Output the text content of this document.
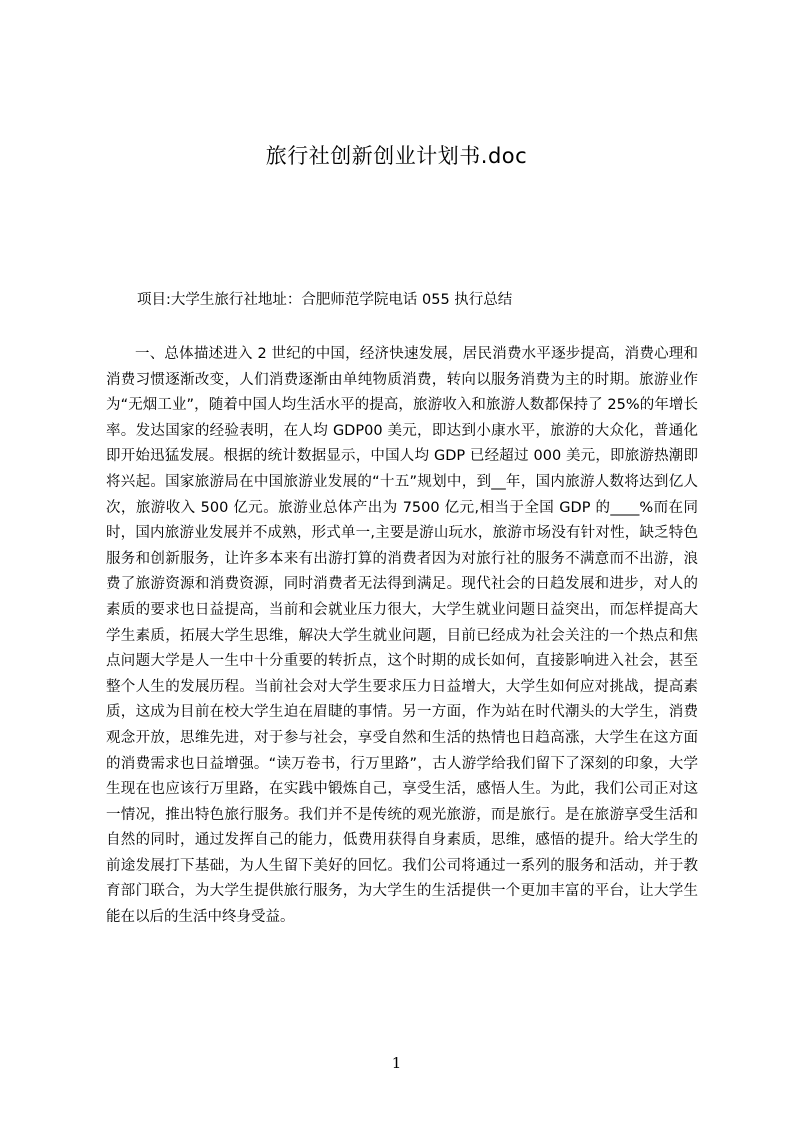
旅行社创新创业计划书.doc
项目:大学生旅行社地址：合肥师范学院电话 055 执行总结
一、总体描述进入 2 世纪的中国，经济快速发展，居民消费水平逐步提高，消费心理和消费习惯逐渐改变，人们消费逐渐由单纯物质消费，转向以服务消费为主的时期。旅游业作为“无烟工业”，随着中国人均生活水平的提高，旅游收入和旅游人数都保持了 25%的年增长率。发达国家的经验表明，在人均 GDP00 美元，即达到小康水平，旅游的大众化，普通化即开始迅猛发展。根据的统计数据显示，中国人均 GDP 已经超过 000 美元，即旅游热潮即将兴起。国家旅游局在中国旅游业发展的“十五”规划中，到__年，国内旅游人数将达到亿人次，旅游收入 500 亿元。旅游业总体产出为 7500 亿元,相当于全国 GDP 的____%而在同时，国内旅游业发展并不成熟，形式单一,主要是游山玩水，旅游市场没有针对性，缺乏特色服务和创新服务，让许多本来有出游打算的消费者因为对旅行社的服务不满意而不出游，浪费了旅游资源和消费资源，同时消费者无法得到满足。现代社会的日趋发展和进步，对人的素质的要求也日益提高，当前和会就业压力很大，大学生就业问题日益突出，而怎样提高大学生素质，拓展大学生思维，解决大学生就业问题，目前已经成为社会关注的一个热点和焦点问题大学是人一生中十分重要的转折点，这个时期的成长如何，直接影响进入社会，甚至整个人生的发展历程。当前社会对大学生要求压力日益增大，大学生如何应对挑战，提高素质，这成为目前在校大学生迫在眉睫的事情。另一方面，作为站在时代潮头的大学生，消费观念开放，思维先进，对于参与社会，享受自然和生活的热情也日趋高涨，大学生在这方面的消费需求也日益增强。“读万卷书，行万里路”，古人游学给我们留下了深刻的印象，大学生现在也应该行万里路，在实践中锻炼自己，享受生活，感悟人生。为此，我们公司正对这一情况，推出特色旅行服务。我们并不是传统的观光旅游，而是旅行。是在旅游享受生活和自然的同时，通过发挥自己的能力，低费用获得自身素质，思维，感悟的提升。给大学生的前途发展打下基础，为人生留下美好的回忆。我们公司将通过一系列的服务和活动，并于教育部门联合，为大学生提供旅行服务，为大学生的生活提供一个更加丰富的平台，让大学生能在以后的生活中终身受益。
1
